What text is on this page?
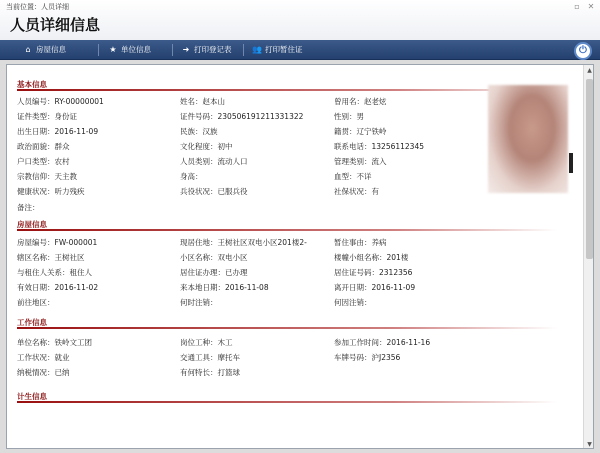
当前位置：人员详细
人员详细信息
▫ ✕
⌂ 房屋信息	★ 单位信息	➜ 打印登记表	👥 打印暂住证	⏻
基本信息
人员编号：RY-00000001	姓名：赵本山	曾用名：赵老炫
证件类型：身份证	证件号码：230506191211331322	性别：男
出生日期：2016-11-09	民族：汉族	籍贯：辽宁铁岭
政治面貌：群众	文化程度：初中	联系电话：13256112345
户口类型：农村	人员类别：流动人口	管理类别：流入
宗教信仰：天主教	身高：	血型：不详
健康状况：听力残疾	兵役状况：已服兵役	社保状况：有
备注：
房屋信息
房屋编号：FW-000001	现居住地：王树社区双电小区201楼2-	暂住事由：养病
辖区名称：王树社区	小区名称：双电小区	楼幢小组名称：201楼
与租住人关系：租住人	居住证办理：已办理	居住证号码：2312356
有效日期：2016-11-02	来本地日期：2016-11-08	离开日期：2016-11-09
前往地区：	何时注销：	何因注销：
工作信息
单位名称：铁岭文工团	岗位工种：木工	参加工作时间：2016-11-16
工作状况：就业	交通工具：摩托车	车牌号码：沪J2356
纳税情况：已纳	有何特长：打篮球
计生信息
▲
▼
